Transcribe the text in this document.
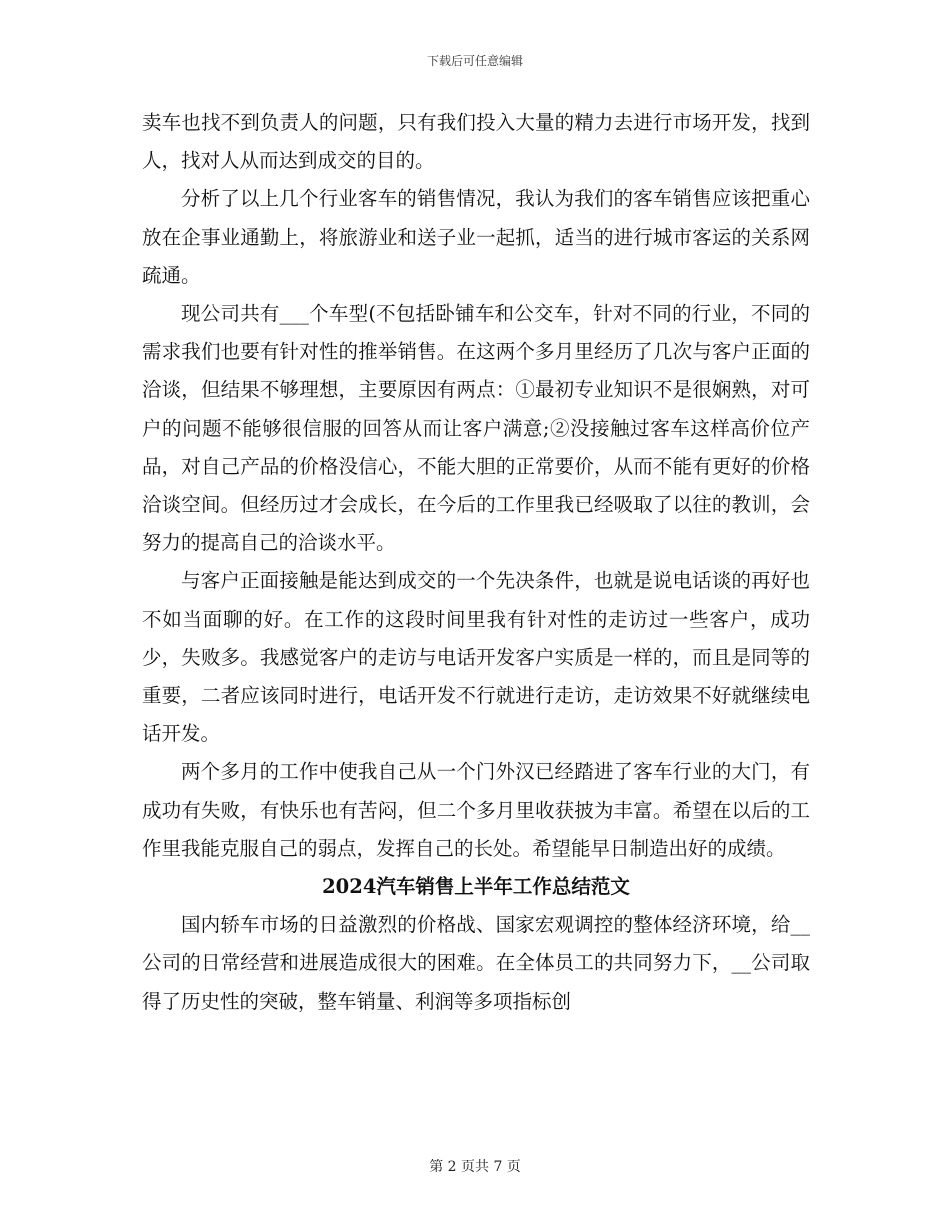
下载后可任意编辑

卖车也找不到负责人的问题，只有我们投入大量的精力去进行市场开发，找到人，找对人从而达到成交的目的。

分析了以上几个行业客车的销售情况，我认为我们的客车销售应该把重心放在企事业通勤上，将旅游业和送子业一起抓，适当的进行城市客运的关系网疏通。

现公司共有___个车型(不包括卧铺车和公交车，针对不同的行业，不同的需求我们也要有针对性的推举销售。在这两个多月里经历了几次与客户正面的洽谈，但结果不够理想，主要原因有两点：①最初专业知识不是很娴熟，对可户的问题不能够很信服的回答从而让客户满意;②没接触过客车这样高价位产品，对自己产品的价格没信心，不能大胆的正常要价，从而不能有更好的价格洽谈空间。但经历过才会成长，在今后的工作里我已经吸取了以往的教训，会努力的提高自己的洽谈水平。

与客户正面接触是能达到成交的一个先决条件，也就是说电话谈的再好也不如当面聊的好。在工作的这段时间里我有针对性的走访过一些客户，成功少，失败多。我感觉客户的走访与电话开发客户实质是一样的，而且是同等的重要，二者应该同时进行，电话开发不行就进行走访，走访效果不好就继续电话开发。

两个多月的工作中使我自己从一个门外汉已经踏进了客车行业的大门，有成功有失败，有快乐也有苦闷，但二个多月里收获披为丰富。希望在以后的工作里我能克服自己的弱点，发挥自己的长处。希望能早日制造出好的成绩。

2024汽车销售上半年工作总结范文

国内轿车市场的日益激烈的价格战、国家宏观调控的整体经济环境，给__公司的日常经营和进展造成很大的困难。在全体员工的共同努力下，__公司取得了历史性的突破，整车销量、利润等多项指标创

第 2 页共 7 页
